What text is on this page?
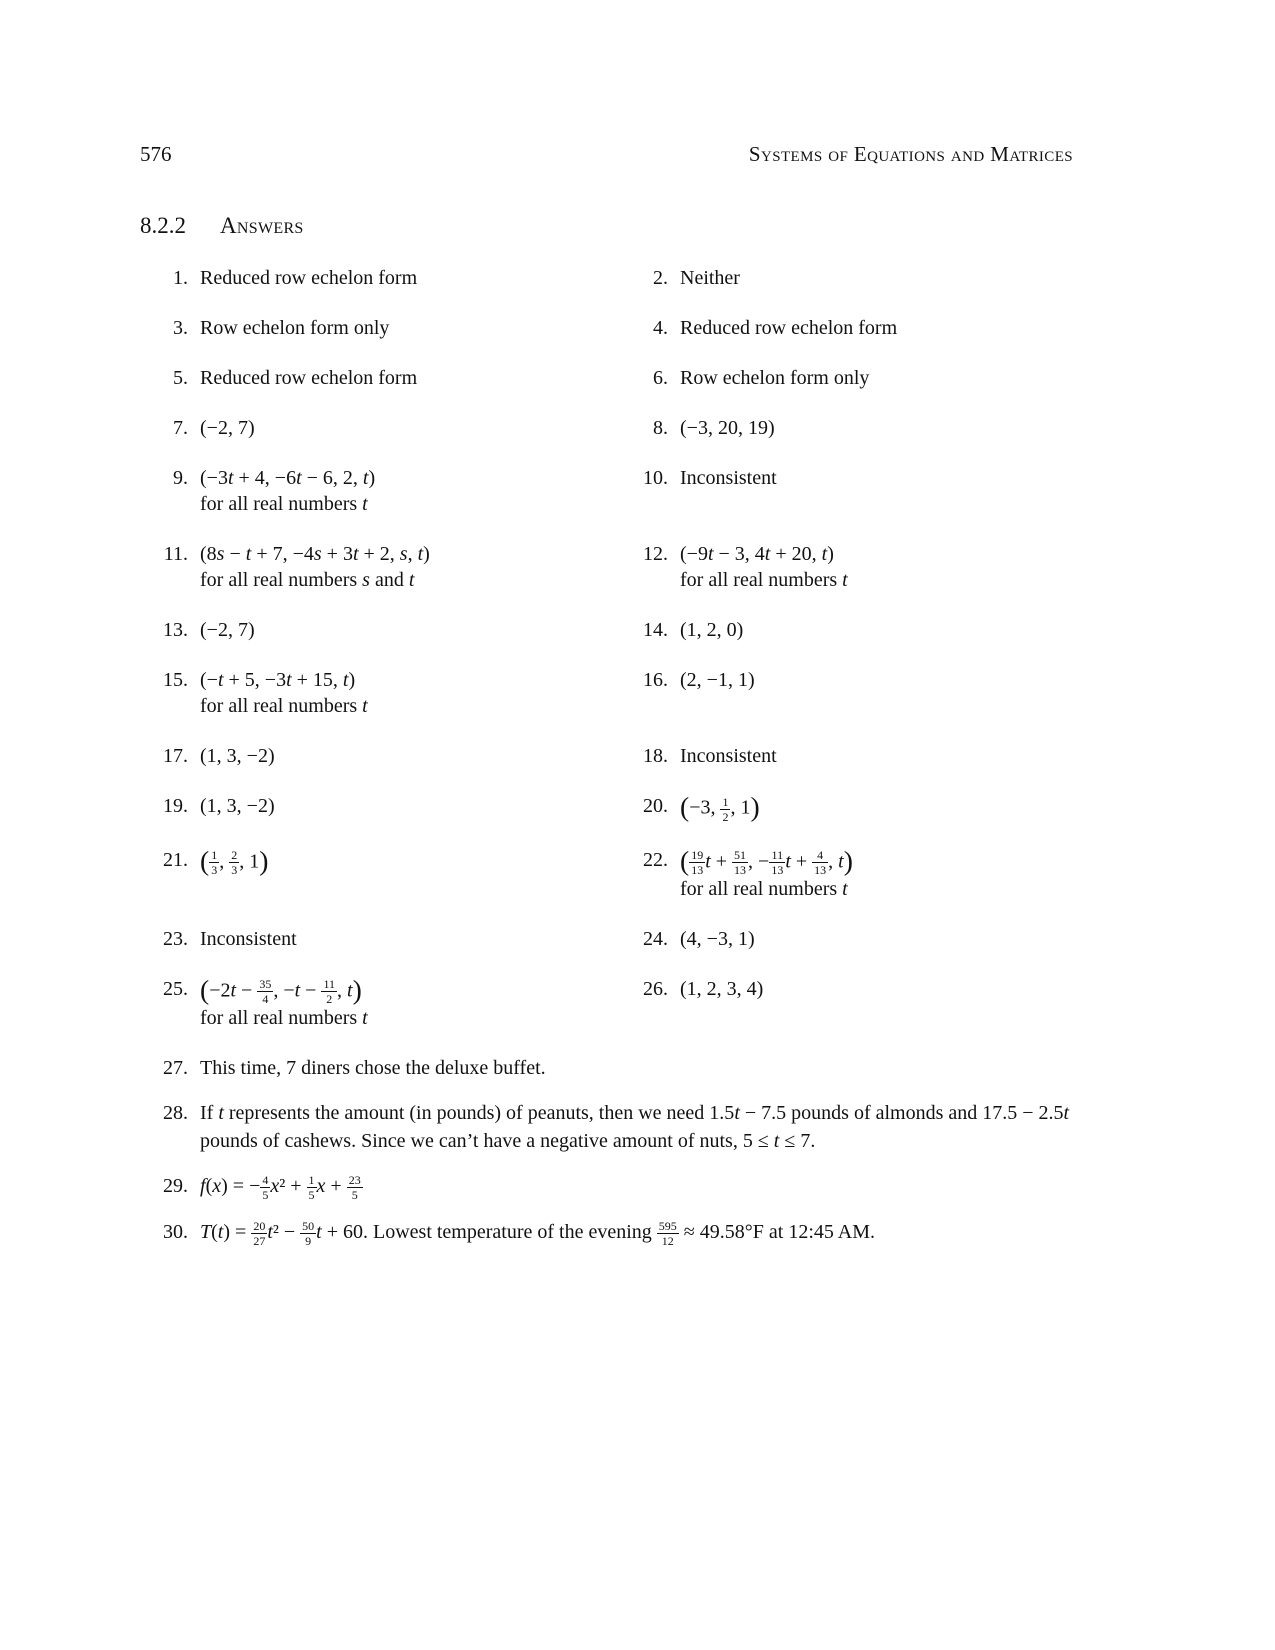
576	Systems of Equations and Matrices
8.2.2 Answers
1. Reduced row echelon form	2. Neither
3. Row echelon form only	4. Reduced row echelon form
5. Reduced row echelon form	6. Row echelon form only
7. (−2, 7)	8. (−3, 20, 19)
9. (−3t + 4, −6t − 6, 2, t)
for all real numbers t
10. Inconsistent
11. (8s − t + 7, −4s + 3t + 2, s, t)
for all real numbers s and t
12. (−9t − 3, 4t + 20, t)
for all real numbers t
13. (−2, 7)	14. (1, 2, 0)
15. (−t + 5, −3t + 15, t)
for all real numbers t
16. (2, −1, 1)
17. (1, 3, −2)	18. Inconsistent
19. (1, 3, −2)	20. (−3, $\frac{1}{2}$ , 1)
21. ( $\frac{1}{3}$ , $\frac{2}{3}$ , 1)	22. ( $\frac{19}{13}$ $t + \frac{51}{13}$ , − $\frac{11}{13}$ $t + \frac{4}{13}$ , t)
for all real numbers t
23. Inconsistent	24. (4, −3, 1)
25. ($-2t - \frac{35}{4}$ , $-t - \frac{11}{2}$ , t)
for all real numbers t
26. (1, 2, 3, 4)
27. This time, 7 diners chose the deluxe buffet.
28. If t represents the amount (in pounds) of peanuts, then we need 1.5t − 7.5 pounds of almonds and 17.5 − 2.5t pounds of cashews. Since we can’t have a negative amount of nuts, 5 ≤ t ≤ 7.
29. f(x) = − $\frac{4}{5} x^2 + \frac{1}{5}$ $x + \frac{23}{5}$
30. $T(t) = \frac{20}{27} t^2 - \frac{50}{9}$ t + 60. Lowest temperature of the evening $\frac{595}{12} \approx 49.58^\circ F$ at 12:45 AM.
